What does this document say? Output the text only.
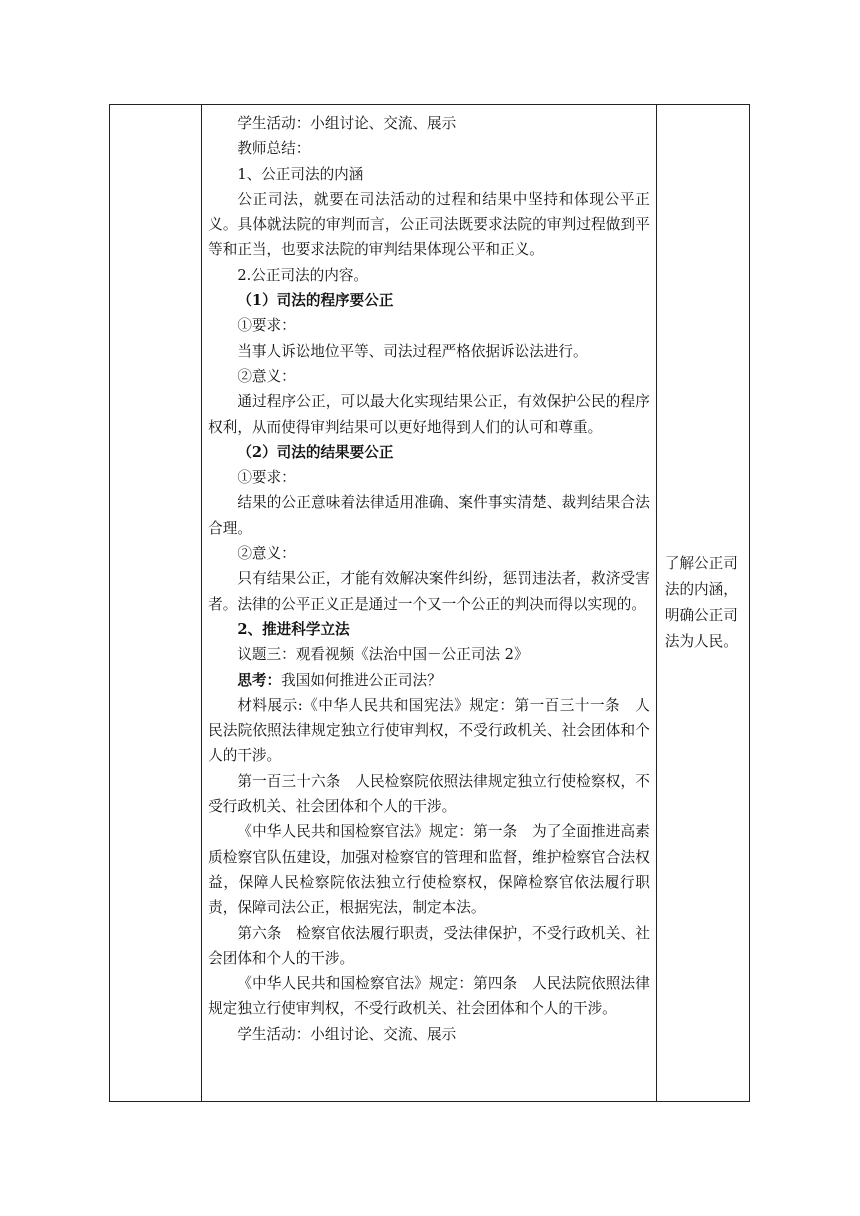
学生活动：小组讨论、交流、展示

教师总结：

1、公正司法的内涵

公正司法，就要在司法活动的过程和结果中坚持和体现公平正义。具体就法院的审判而言，公正司法既要求法院的审判过程做到平等和正当，也要求法院的审判结果体现公平和正义。

2.公正司法的内容。

（1）司法的程序要公正

①要求：

当事人诉讼地位平等、司法过程严格依据诉讼法进行。

②意义：

通过程序公正，可以最大化实现结果公正，有效保护公民的程序权利，从而使得审判结果可以更好地得到人们的认可和尊重。

（2）司法的结果要公正

①要求：

结果的公正意味着法律适用准确、案件事实清楚、裁判结果合法合理。

②意义：

只有结果公正，才能有效解决案件纠纷，惩罚违法者，救济受害者。法律的公平正义正是通过一个又一个公正的判决而得以实现的。

2、推进科学立法

议题三：观看视频《法治中国－公正司法 2》

思考：我国如何推进公正司法？

材料展示:《中华人民共和国宪法》规定：第一百三十一条　人民法院依照法律规定独立行使审判权，不受行政机关、社会团体和个人的干涉。

第一百三十六条　人民检察院依照法律规定独立行使检察权，不受行政机关、社会团体和个人的干涉。

《中华人民共和国检察官法》规定：第一条　为了全面推进高素质检察官队伍建设，加强对检察官的管理和监督，维护检察官合法权益，保障人民检察院依法独立行使检察权，保障检察官依法履行职责，保障司法公正，根据宪法，制定本法。

第六条　检察官依法履行职责，受法律保护，不受行政机关、社会团体和个人的干涉。

《中华人民共和国检察官法》规定：第四条　人民法院依照法律规定独立行使审判权，不受行政机关、社会团体和个人的干涉。

学生活动：小组讨论、交流、展示

了解公正司法的内涵，明确公正司法为人民。
